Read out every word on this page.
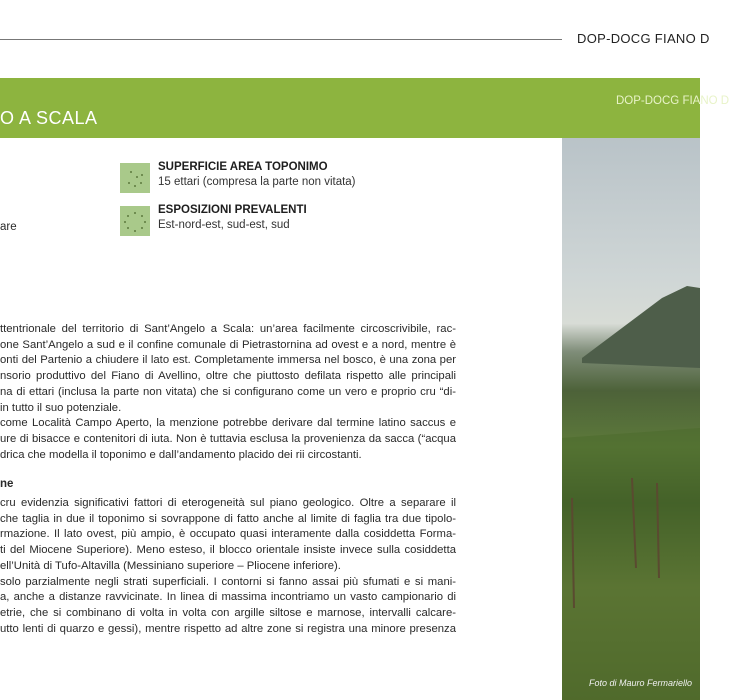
DOP-DOCG FIANO D
O A SCALA
DOP-DOCG FIANO D
SUPERFICIE AREA TOPONIMO
15 ettari (compresa la parte non vitata)
ESPOSIZIONI PREVALENTI
Est-nord-est, sud-est, sud
are
ttentrionale del territorio di Sant’Angelo a Scala: un’area facilmente circoscrivibile, rac-
one Sant’Angelo a sud e il confine comunale di Pietrastornina ad ovest e a nord, mentre è
onti del Partenio a chiudere il lato est. Completamente immersa nel bosco, è una zona per
nsorio produttivo del Fiano di Avellino, oltre che piuttosto defilata rispetto alle principali
na di ettari (inclusa la parte non vitata) che si configurano come un vero e proprio cru “di-
in tutto il suo potenziale.
come Località Campo Aperto, la menzione potrebbe derivare dal termine latino saccus e
ure di bisacce e contenitori di iuta. Non è tuttavia esclusa la provenienza da sacca (“acqua
drica che modella il toponimo e dall’andamento placido dei rii circostanti.
ne
cru evidenzia significativi fattori di eterogeneità sul piano geologico. Oltre a separare il
che taglia in due il toponimo si sovrappone di fatto anche al limite di faglia tra due tipolo-
rmazione. Il lato ovest, più ampio, è occupato quasi interamente dalla cosiddetta Forma-
ti del Miocene Superiore). Meno esteso, il blocco orientale insiste invece sulla cosiddetta
ell’Unità di Tufo-Altavilla (Messiniano superiore – Pliocene inferiore).
solo parzialmente negli strati superficiali. I contorni si fanno assai più sfumati e si mani-
a, anche a distanze ravvicinate. In linea di massima incontriamo un vasto campionario di
etrie, che si combinano di volta in volta con argille siltose e marnose, intervalli calcare-
utto lenti di quarzo e gessi), mentre rispetto ad altre zone si registra una minore presenza
Foto di Mauro Fermariello
